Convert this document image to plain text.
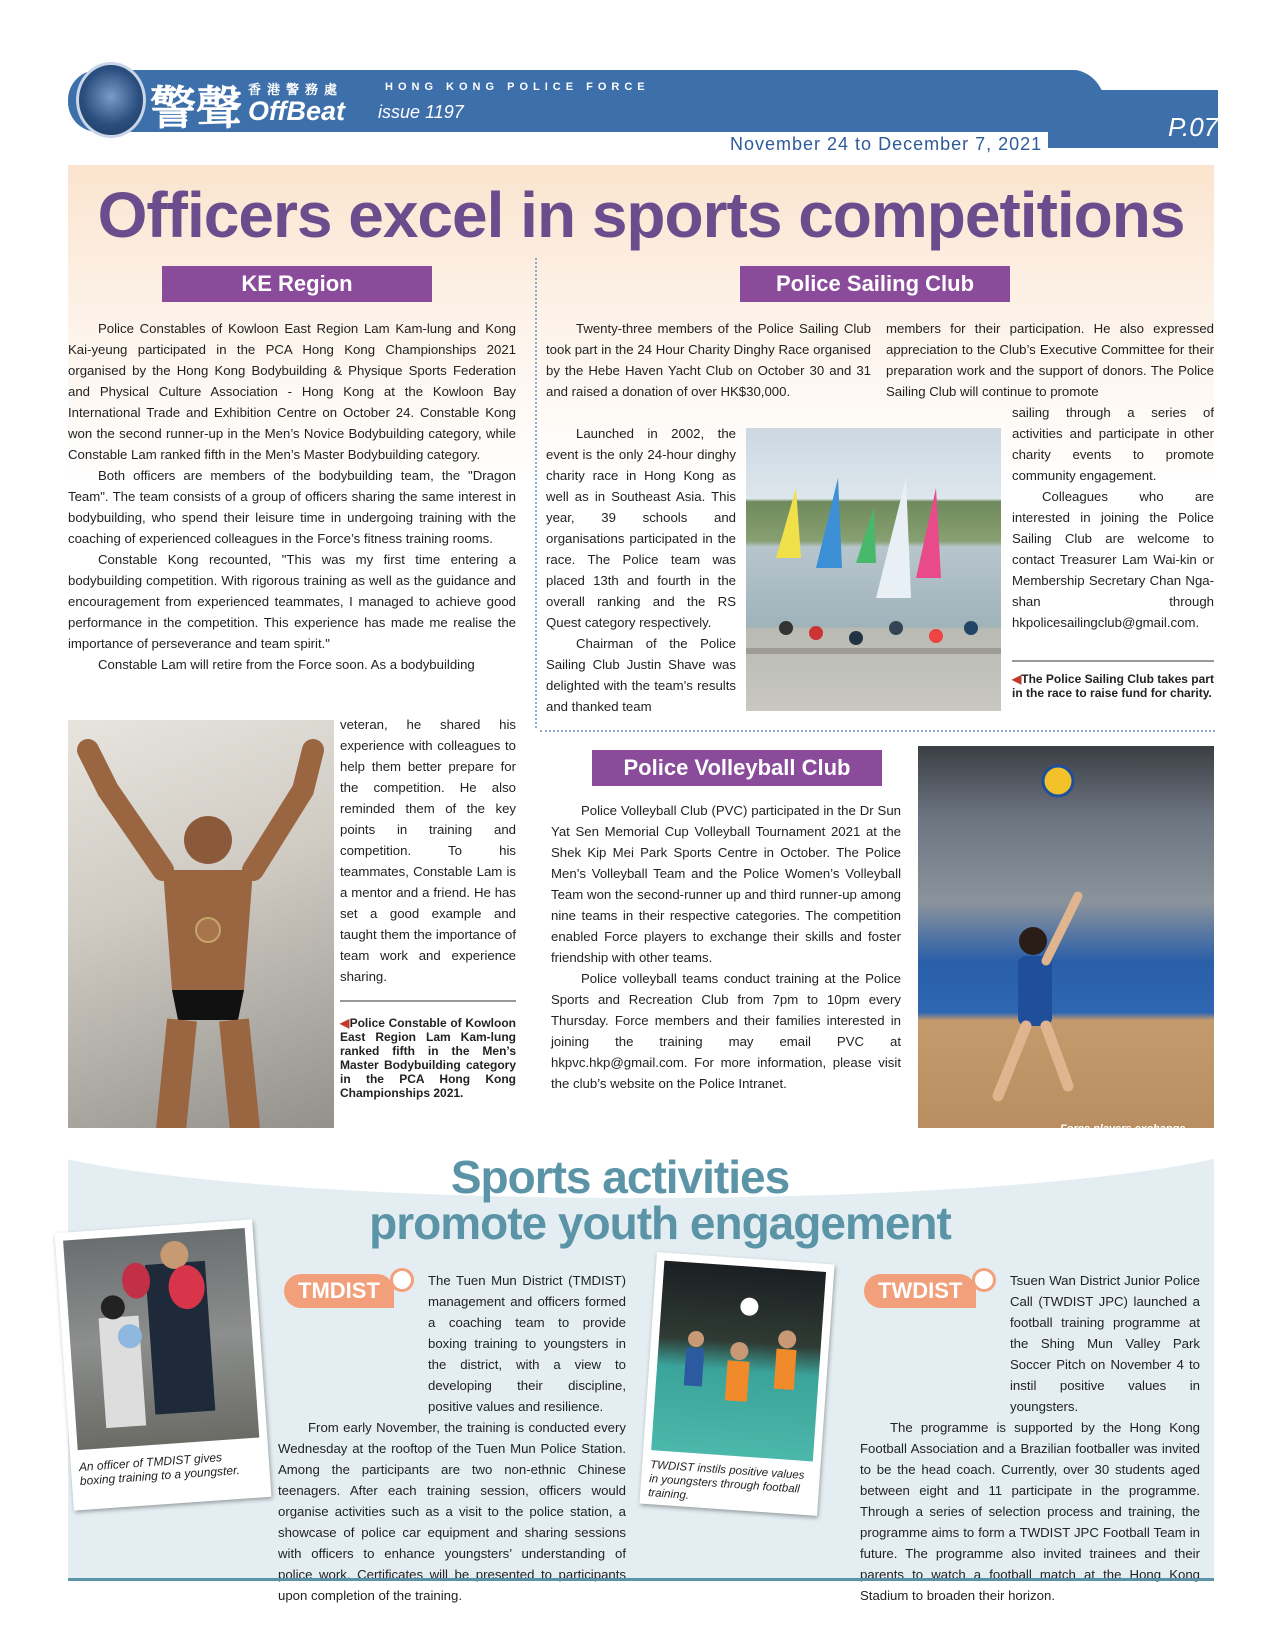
警聲 香港警務處	HONG KONG POLICE FORCE
OffBeat issue 1197	P.07
November 24 to December 7, 2021
Officers excel in sports competitions
KE Region

Police Constables of Kowloon East Region Lam Kam-lung and Kong Kai-yeung participated in the PCA Hong Kong Championships 2021 organised by the Hong Kong Bodybuilding & Physique Sports Federation and Physical Culture Association - Hong Kong at the Kowloon Bay International Trade and Exhibition Centre on October 24. Constable Kong won the second runner-up in the Men’s Novice Bodybuilding category, while Constable Lam ranked fifth in the Men’s Master Bodybuilding category.

Both officers are members of the bodybuilding team, the "Dragon Team". The team consists of a group of officers sharing the same interest in bodybuilding, who spend their leisure time in undergoing training with the coaching of experienced colleagues in the Force’s fitness training rooms.

Constable Kong recounted, "This was my first time entering a bodybuilding competition. With rigorous training as well as the guidance and encouragement from experienced teammates, I managed to achieve good performance in the competition. This experience has made me realise the importance of perseverance and team spirit."

Constable Lam will retire from the Force soon. As a bodybuilding

veteran, he shared his experience with colleagues to help them better prepare for the competition. He also reminded them of the key points in training and competition. To his teammates, Constable Lam is a mentor and a friend. He has set a good example and taught them the importance of team work and experience sharing.

◀Police Constable of Kowloon East Region Lam Kam-lung ranked fifth in the Men’s Master Bodybuilding category in the PCA Hong Kong Championships 2021.
Police Sailing Club

Twenty-three members of the Police Sailing Club took part in the 24 Hour Charity Dinghy Race organised by the Hebe Haven Yacht Club on October 30 and 31 and raised a donation of over HK$30,000.

Launched in 2002, the event is the only 24-hour dinghy charity race in Hong Kong as well as in Southeast Asia. This year, 39 schools and organisations participated in the race. The Police team was placed 13th and fourth in the overall ranking and the RS Quest category respectively.

Chairman of the Police Sailing Club Justin Shave was delighted with the team’s results and thanked team

members for their participation. He also expressed appreciation to the Club’s Executive Committee for their preparation work and the support of donors. The Police Sailing Club will continue to promote

sailing through a series of activities and participate in other charity events to promote community engagement.

Colleagues who are interested in joining the Police Sailing Club are welcome to contact Treasurer Lam Wai-kin or Membership Secretary Chan Nga-shan through hkpolicesailingclub@gmail.com.

◀The Police Sailing Club takes part in the race to raise fund for charity.
Police Volleyball Club

Police Volleyball Club (PVC) participated in the Dr Sun Yat Sen Memorial Cup Volleyball Tournament 2021 at the Shek Kip Mei Park Sports Centre in October. The Police Men’s Volleyball Team and the Police Women’s Volleyball Team won the second-runner up and third runner-up among nine teams in their respective categories. The competition enabled Force players to exchange their skills and foster friendship with other teams.

Police volleyball teams conduct training at the Police Sports and Recreation Club from 7pm to 10pm every Thursday. Force members and their families interested in joining the training may email PVC at hkpvc.hkp@gmail.com. For more information, please visit the club’s website on the Police Intranet.

Sports activities
promote youth engagement
An officer of TMDIST gives boxing training to a youngster.
TMDIST	The Tuen Mun District (TMDIST) management and officers formed a coaching team to provide boxing training to youngsters in the district, with a view to developing their discipline, positive values and resilience.

From early November, the training is conducted every Wednesday at the rooftop of the Tuen Mun Police Station. Among the participants are two non-ethnic Chinese teenagers. After each training session, officers would organise activities such as a visit to the police station, a showcase of police car equipment and sharing sessions with officers to enhance youngsters’ understanding of police work. Certificates will be presented to participants upon completion of the training.

TWDIST instils positive values in youngsters through football training.
TWDIST	Tsuen Wan District Junior Police Call (TWDIST JPC) launched a football training programme at the Shing Mun Valley Park Soccer Pitch on November 4 to instil positive values in youngsters.

The programme is supported by the Hong Kong Football Association and a Brazilian footballer was invited to be the head coach. Currently, over 30 students aged between eight and 11 participate in the programme. Through a series of selection process and training, the programme aims to form a TWDIST JPC Football Team in future. The programme also invited trainees and their parents to watch a football match at the Hong Kong Stadium to broaden their horizon.
